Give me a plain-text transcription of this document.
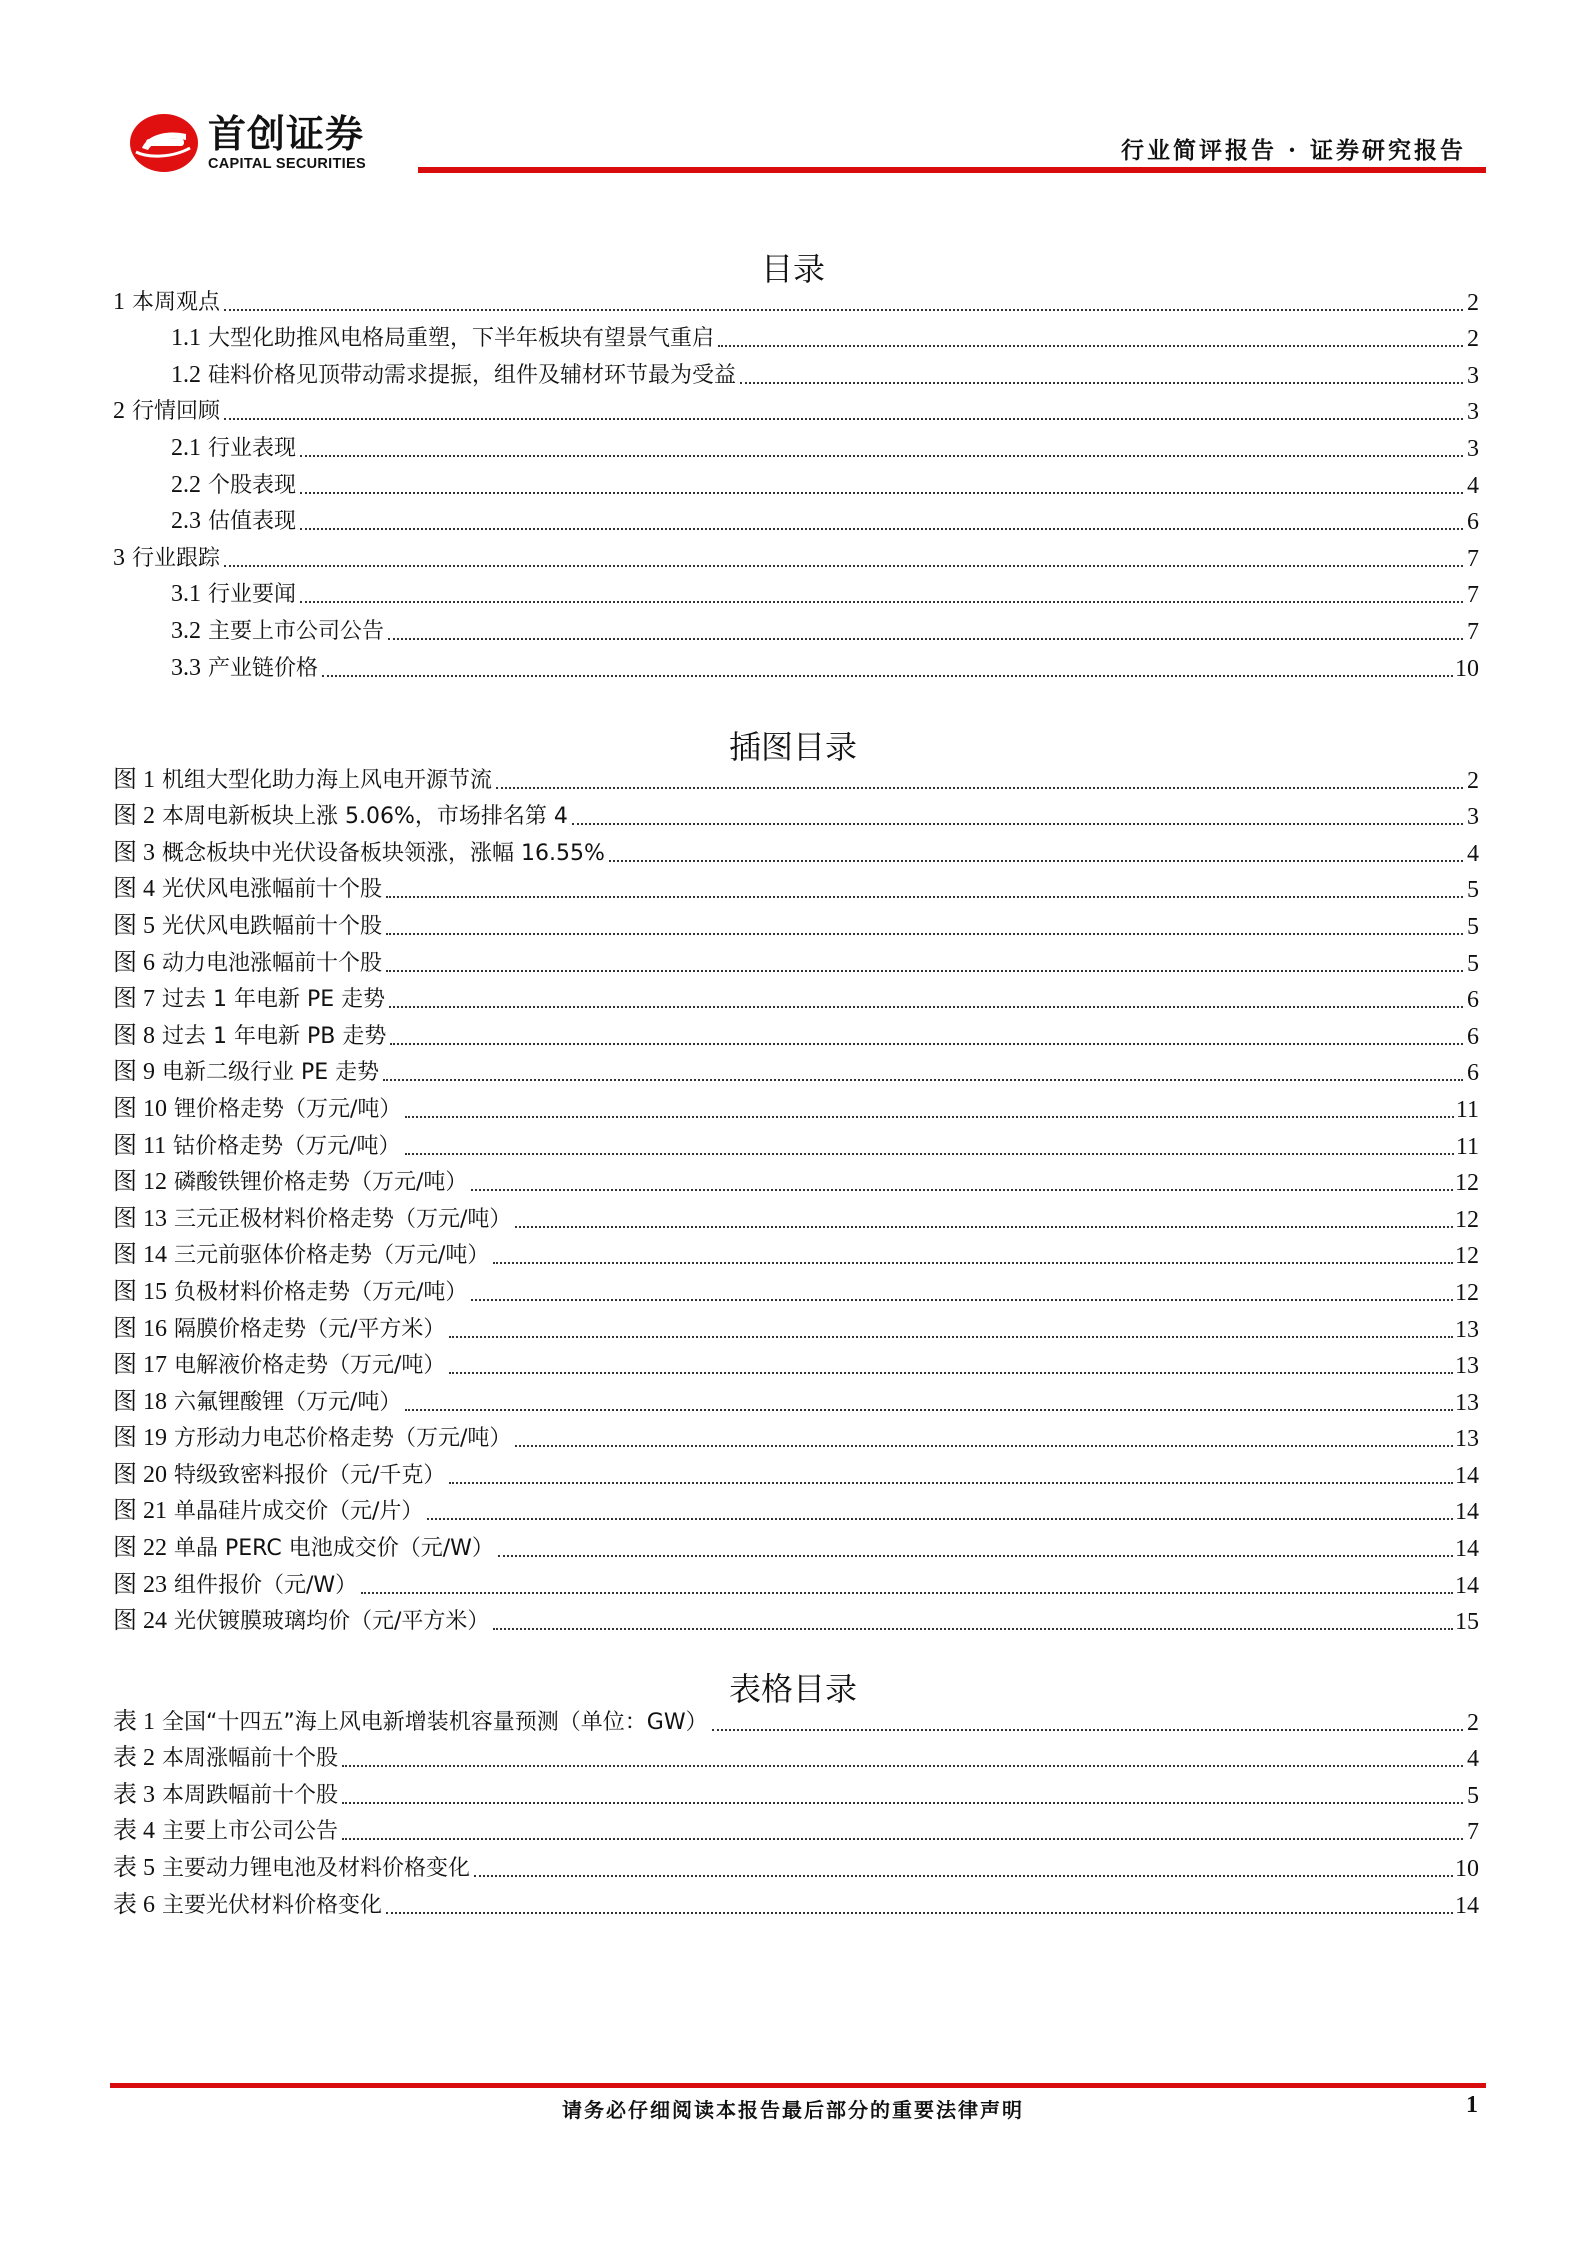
首创证券
CAPITAL SECURITIES	行业简评报告 · 证券研究报告
目录
1 本周观点	2
1.1 大型化助推风电格局重塑，下半年板块有望景气重启	2
1.2 硅料价格见顶带动需求提振，组件及辅材环节最为受益	3
2 行情回顾	3
2.1 行业表现	3
2.2 个股表现	4
2.3 估值表现	6
3 行业跟踪	7
3.1 行业要闻	7
3.2 主要上市公司公告	7
3.3 产业链价格	10
插图目录
图 1 机组大型化助力海上风电开源节流	2
图 2 本周电新板块上涨 5.06%，市场排名第 4	3
图 3 概念板块中光伏设备板块领涨，涨幅 16.55%	4
图 4 光伏风电涨幅前十个股	5
图 5 光伏风电跌幅前十个股	5
图 6 动力电池涨幅前十个股	5
图 7 过去 1 年电新 PE 走势	6
图 8 过去 1 年电新 PB 走势	6
图 9 电新二级行业 PE 走势	6
图 10 锂价格走势（万元/吨）	11
图 11 钴价格走势（万元/吨）	11
图 12 磷酸铁锂价格走势（万元/吨）	12
图 13 三元正极材料价格走势（万元/吨）	12
图 14 三元前驱体价格走势（万元/吨）	12
图 15 负极材料价格走势（万元/吨）	12
图 16 隔膜价格走势（元/平方米）	13
图 17 电解液价格走势（万元/吨）	13
图 18 六氟锂酸锂（万元/吨）	13
图 19 方形动力电芯价格走势（万元/吨）	13
图 20 特级致密料报价（元/千克）	14
图 21 单晶硅片成交价（元/片）	14
图 22 单晶 PERC 电池成交价（元/W）	14
图 23 组件报价（元/W）	14
图 24 光伏镀膜玻璃均价（元/平方米）	15
表格目录
表 1 全国“十四五”海上风电新增装机容量预测（单位：GW）	2
表 2 本周涨幅前十个股	4
表 3 本周跌幅前十个股	5
表 4 主要上市公司公告	7
表 5 主要动力锂电池及材料价格变化	10
表 6 主要光伏材料价格变化	14
请务必仔细阅读本报告最后部分的重要法律声明	1
